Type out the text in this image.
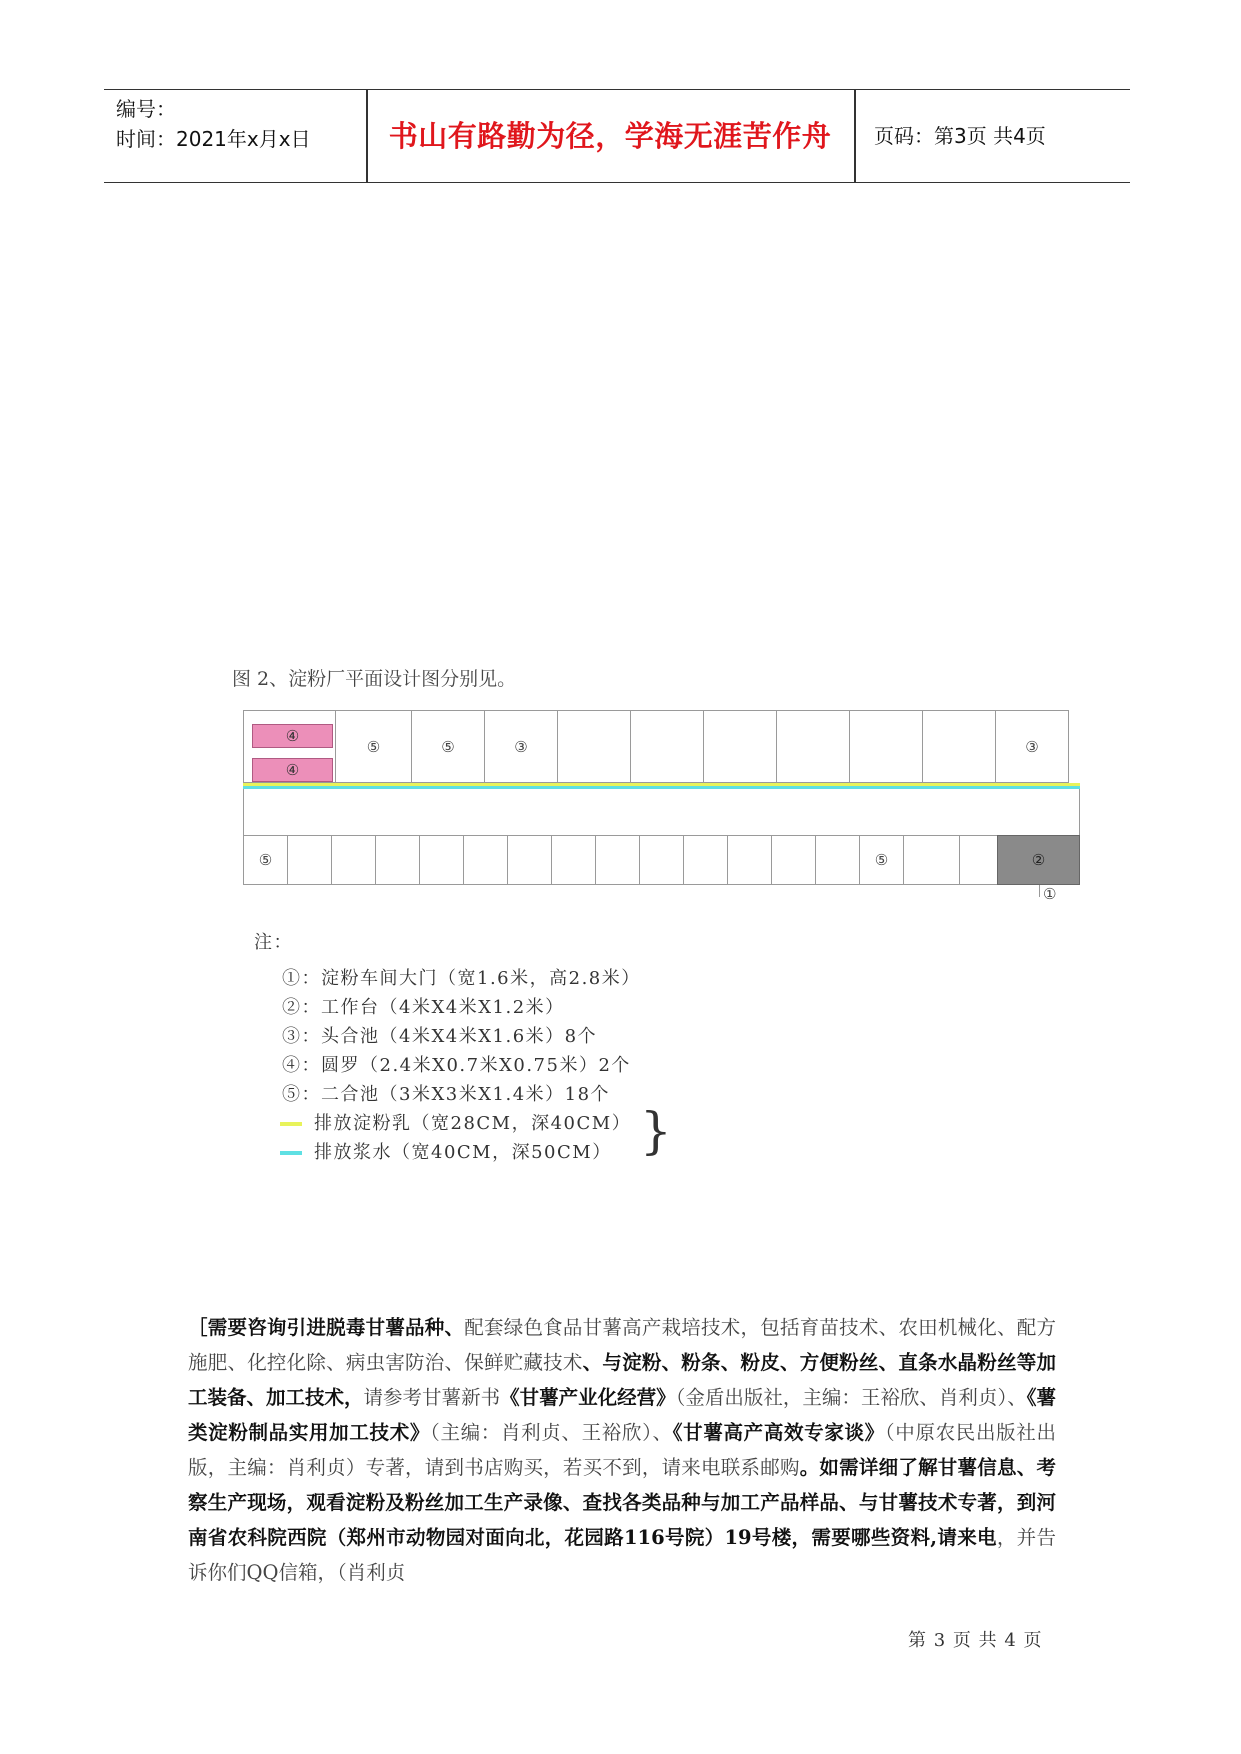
编号：
时间：2021年x月x日	书山有路勤为径，学海无涯苦作舟	页码：第3页 共4页
图 2、淀粉厂平面设计图分别见。
④
④
⑤	⑤	③	③
⑤	⑤	②
①
注：
①：淀粉车间大门（宽1.6米，高2.8米）
②：工作台（4米X4米X1.2米）
③：头合池（4米X4米X1.6米）8个
④：圆罗（2.4米X0.7米X0.75米）2个
⑤：二合池（3米X3米X1.4米）18个
排放淀粉乳（宽28CM，深40CM）
排放浆水（宽40CM，深50CM） }
［需要咨询引进脱毒甘薯品种、配套绿色食品甘薯高产栽培技术，包括育苗技术、农田机械化、配方施肥、化控化除、病虫害防治、保鲜贮藏技术、与淀粉、粉条、粉皮、方便粉丝、直条水晶粉丝等加工装备、加工技术，请参考甘薯新书《甘薯产业化经营》（金盾出版社，主编：王裕欣、肖利贞）、《薯类淀粉制品实用加工技术》（主编：肖利贞、王裕欣）、《甘薯高产高效专家谈》（中原农民出版社出版，主编：肖利贞）专著，请到书店购买，若买不到，请来电联系邮购。如需详细了解甘薯信息、考察生产现场，观看淀粉及粉丝加工生产录像、查找各类品种与加工产品样品、与甘薯技术专著，到河南省农科院西院（郑州市动物园对面向北，花园路116号院）19号楼，需要哪些资料,请来电，并告诉你们QQ信箱，（肖利贞
第 3 页 共 4 页
